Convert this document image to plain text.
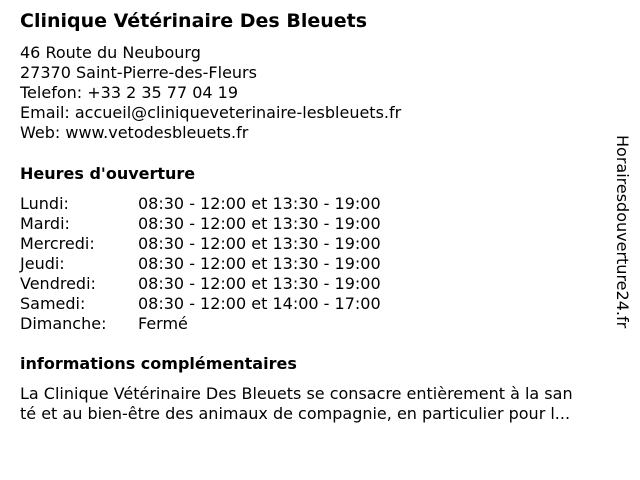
Clinique Vétérinaire Des Bleuets
46 Route du Neubourg
27370 Saint-Pierre-des-Fleurs
Telefon: +33 2 35 77 04 19
Email: accueil@cliniqueveterinaire-lesbleuets.fr
Web: www.vetodesbleuets.fr
Heures d'ouverture
Lundi:	08:30 - 12:00 et 13:30 - 19:00
Mardi:	08:30 - 12:00 et 13:30 - 19:00
Mercredi:	08:30 - 12:00 et 13:30 - 19:00
Jeudi:	08:30 - 12:00 et 13:30 - 19:00
Vendredi:	08:30 - 12:00 et 13:30 - 19:00
Samedi:	08:30 - 12:00 et 14:00 - 17:00
Dimanche: Fermé
informations complémentaires
La Clinique Vétérinaire Des Bleuets se consacre entièrement à la san
té et au bien-être des animaux de compagnie, en particulier pour l...
Horairesdouverture24.fr
